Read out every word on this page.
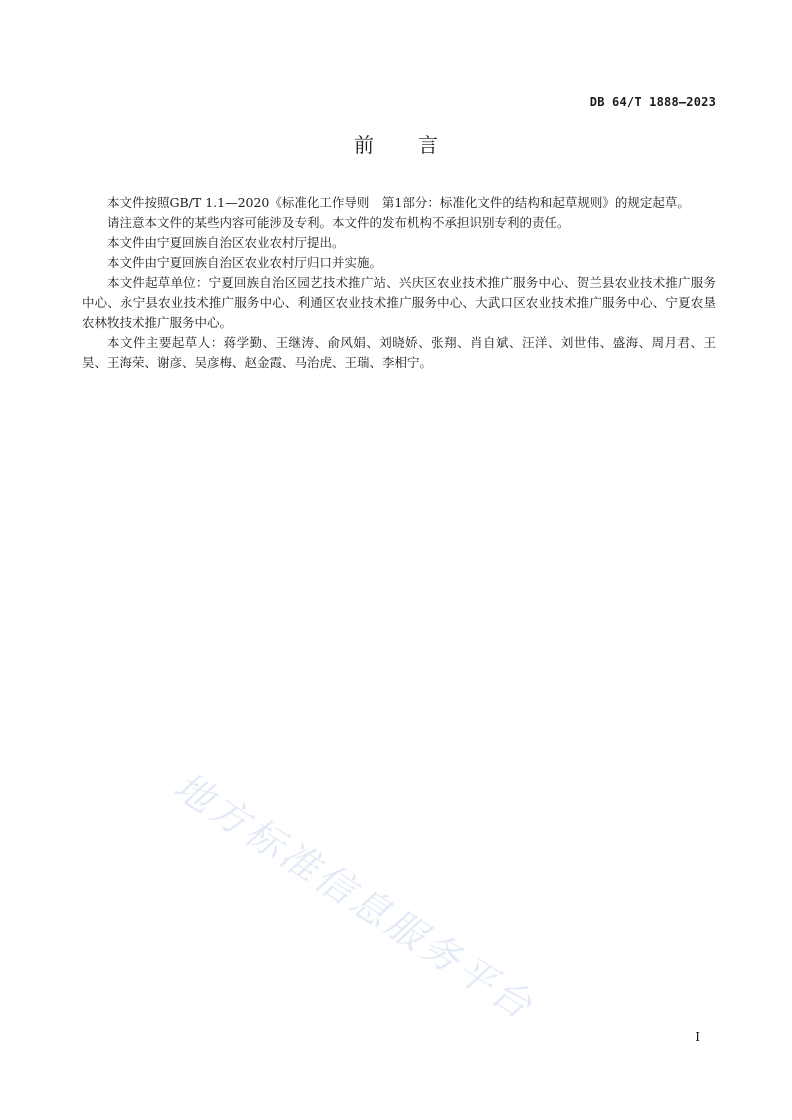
DB 64/T 1888—2023
前言

本文件按照GB/T 1.1—2020《标准化工作导则　第1部分：标准化文件的结构和起草规则》的规定起草。

请注意本文件的某些内容可能涉及专利。本文件的发布机构不承担识别专利的责任。

本文件由宁夏回族自治区农业农村厅提出。

本文件由宁夏回族自治区农业农村厅归口并实施。

本文件起草单位：宁夏回族自治区园艺技术推广站、兴庆区农业技术推广服务中心、贺兰县农业技术推广服务中心、永宁县农业技术推广服务中心、利通区农业技术推广服务中心、大武口区农业技术推广服务中心、宁夏农垦农林牧技术推广服务中心。

本文件主要起草人：蒋学勤、王继涛、俞风娟、刘晓娇、张翔、肖自斌、汪洋、刘世伟、盛海、周月君、王昊、王海荣、谢彦、吴彦梅、赵金霞、马治虎、王瑞、李相宁。

地方标准信息服务平台
I
